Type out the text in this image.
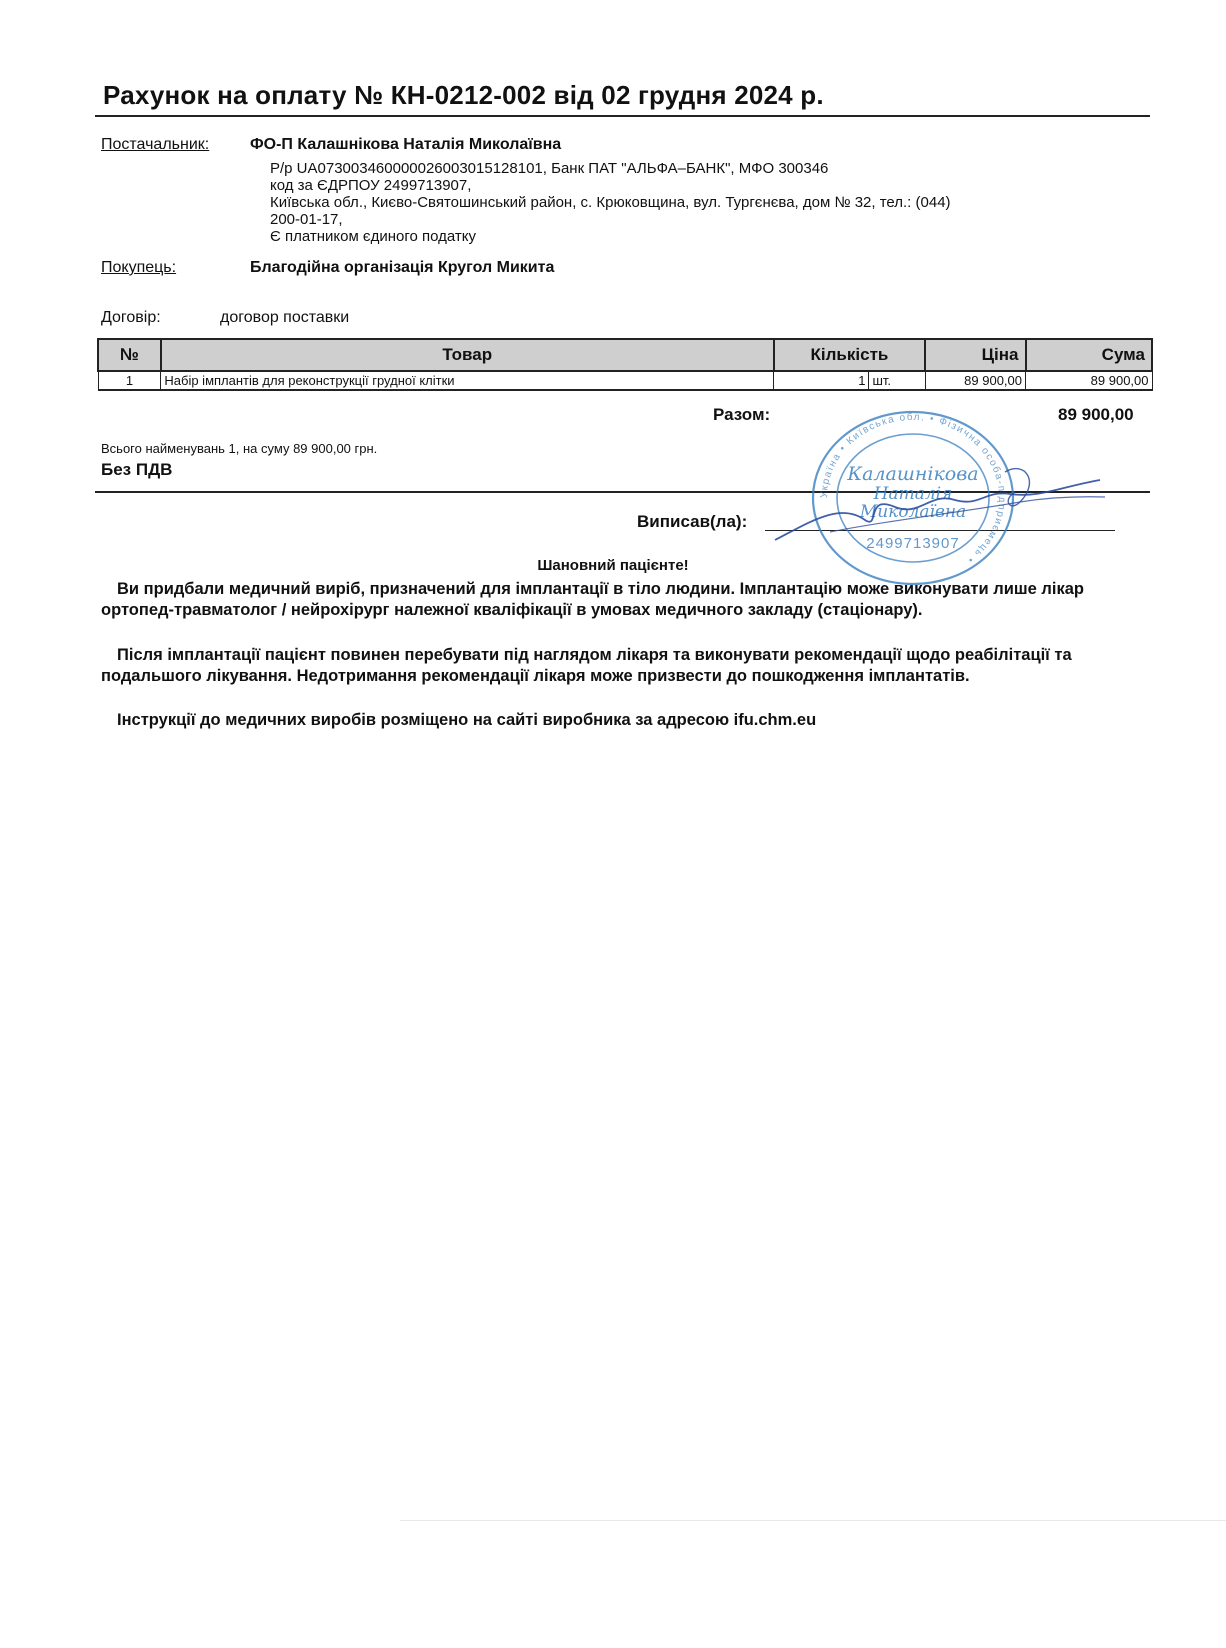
Рахунок на оплату № КН-0212-002 від 02 грудня 2024 р.
Постачальник:	ФО-П Калашнікова Наталія Миколаївна
Р/р UA073003460000026003015128101, Банк ПАТ "АЛЬФА–БАНК", МФО 300346
код за ЄДРПОУ 2499713907,
Київська обл., Києво-Святошинський район, с. Крюковщина, вул. Тургєнєва, дом № 32, тел.: (044)
200-01-17,
Є платником єдиного податку
Покупець:	Благодійна організація Кругол Микита
Договір:	договор поставки
№	Товар	Кількість		Ціна	Сума
1	Набір імплантів для реконструкції грудної клітки	1	шт.	89 900,00	89 900,00
Разом:	89 900,00
Всього найменувань 1, на суму 89 900,00 грн.
Без ПДВ
Виписав(ла):
Україна • Київська обл. • Фізична особа-підприємець •
Калашнікова
Наталія
Миколаївна
2499713907
Шановний пацієнте!
Ви придбали медичний виріб, призначений для імплантації в тіло людини. Імплантацію може виконувати лише лікар ортопед-травматолог / нейрохірург належної кваліфікації в умовах медичного закладу (стаціонару).
Після імплантації пацієнт повинен перебувати під наглядом лікаря та виконувати рекомендації щодо реабілітації та подальшого лікування. Недотримання рекомендації лікаря може призвести до пошкодження імплантатів.
Інструкції до медичних виробів розміщено на сайті виробника за адресою ifu.chm.eu
